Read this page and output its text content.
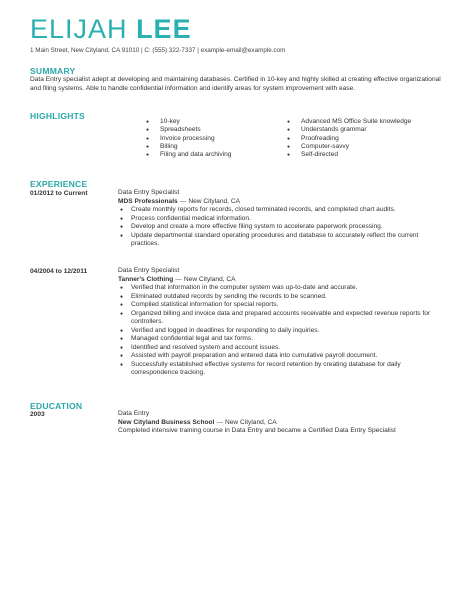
ELIJAH LEE
1 Main Street, New Cityland, CA 91010 | C: (555) 322-7337 | example-email@example.com
SUMMARY
Data Entry specialist adept at developing and maintaining databases. Certified in 10-key and highly skilled at creating effective organizational and filing systems. Able to handle confidential information and identify areas for system improvement with ease.
HIGHLIGHTS
● 10-key
● Spreadsheets
● Invoice processing
● Billing
● Filing and data archiving
● Advanced MS Office Suite knowledge
● Understands grammar
● Proofreading
● Computer-savvy
● Self-directed
EXPERIENCE
01/2012 to Current	Data Entry Specialist
MDS Professionals — New Cityland, CA
● Create monthly reports for records, closed terminated records, and completed chart audits.
● Process confidential medical information.
● Develop and create a more effective filing system to accelerate paperwork processing.
● Update departmental standard operating procedures and database to accurately reflect the current practices.
04/2004 to 12/2011	Data Entry Specialist
Tanner's Clothing — New Cityland, CA
● Verified that information in the computer system was up-to-date and accurate.
● Eliminated outdated records by sending the records to be scanned.
● Compiled statistical information for special reports.
● Organized billing and invoice data and prepared accounts receivable and expected revenue reports for controllers.
● Verified and logged in deadlines for responding to daily inquiries.
● Managed confidential legal and tax forms.
● Identified and resolved system and account issues.
● Assisted with payroll preparation and entered data into cumulative payroll document.
● Successfully established effective systems for record retention by creating database for daily correspondence tracking.
EDUCATION
2003	Data Entry
New Cityland Business School — New Cityland, CA
Completed intensive training course in Data Entry and became a Certified Data Entry Specialist
